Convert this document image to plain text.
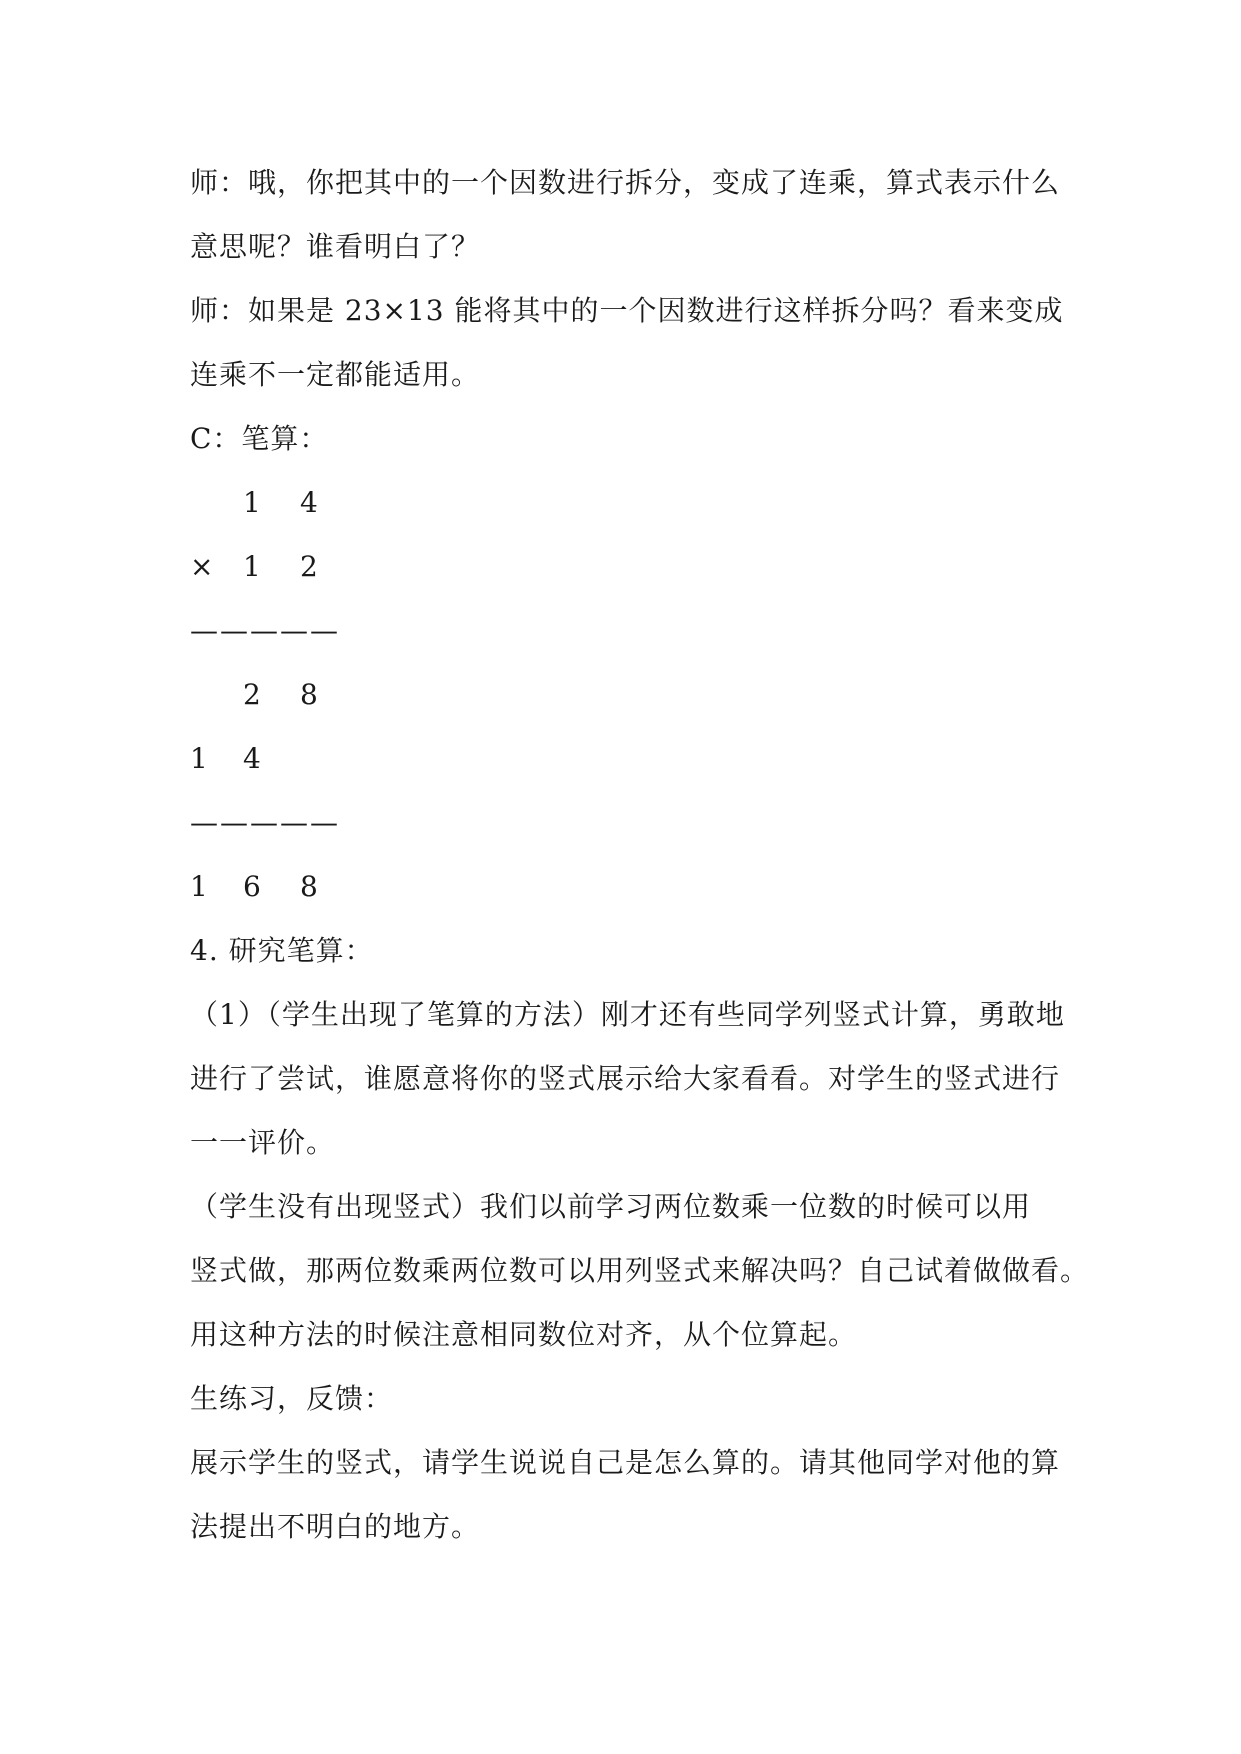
师：哦，你把其中的一个因数进行拆分，变成了连乘，算式表示什么
意思呢？谁看明白了？
师：如果是 23×13 能将其中的一个因数进行这样拆分吗？看来变成
连乘不一定都能适用。
C：笔算：
1 4
× 1 2
—————
2 8
1 4
—————
1 6 8
4. 研究笔算：
（1）（学生出现了笔算的方法）刚才还有些同学列竖式计算，勇敢地
进行了尝试，谁愿意将你的竖式展示给大家看看。对学生的竖式进行
一一评价。
（学生没有出现竖式）我们以前学习两位数乘一位数的时候可以用
竖式做，那两位数乘两位数可以用列竖式来解决吗？自己试着做做看。
用这种方法的时候注意相同数位对齐，从个位算起。
生练习，反馈：
展示学生的竖式，请学生说说自己是怎么算的。请其他同学对他的算
法提出不明白的地方。
